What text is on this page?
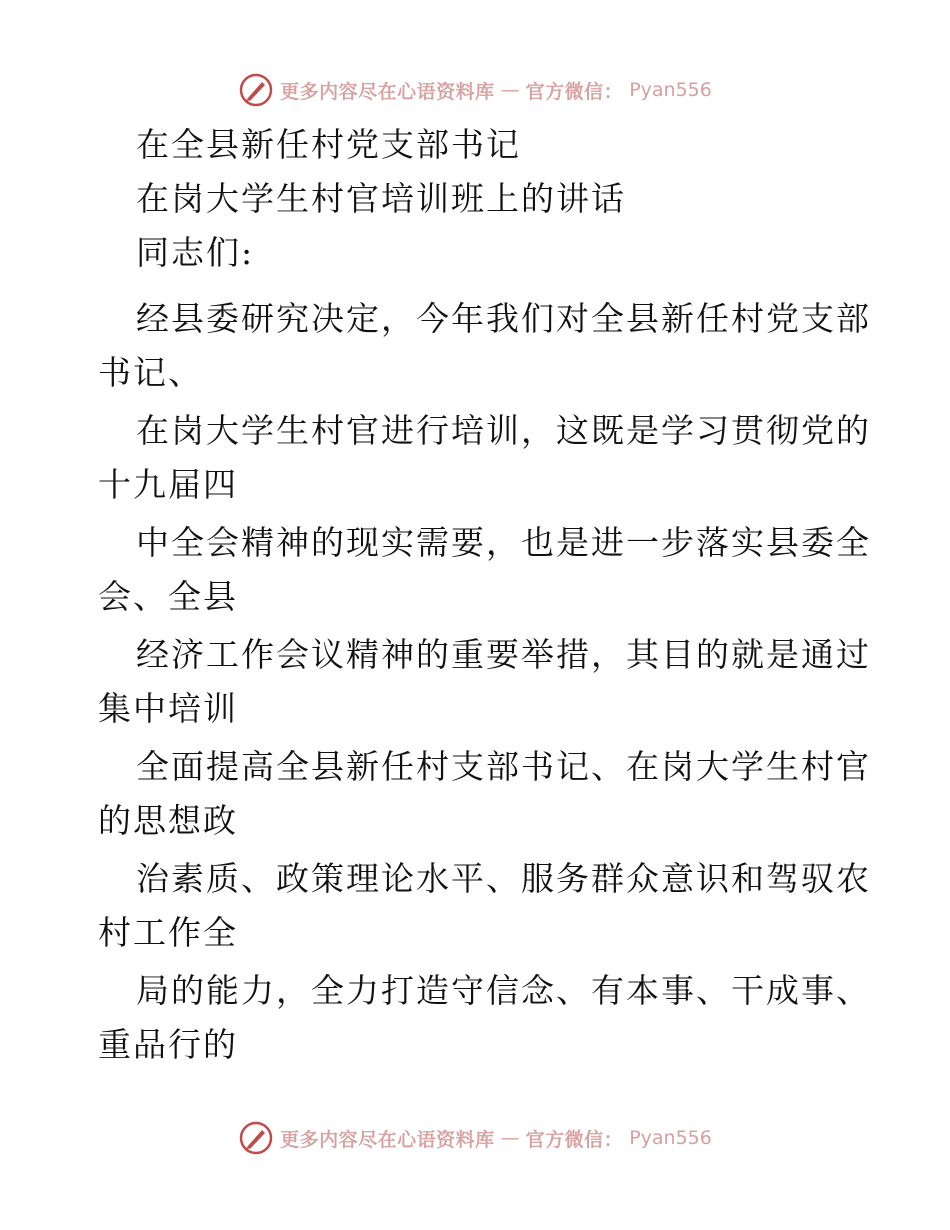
更多内容尽在心语资料库 — 官方微信： Pyan556
在全县新任村党支部书记
在岗大学生村官培训班上的讲话
同志们:
经县委研究决定，今年我们对全县新任村党支部
书记、
在岗大学生村官进行培训，这既是学习贯彻党的
十九届四
中全会精神的现实需要，也是进一步落实县委全
会、全县
经济工作会议精神的重要举措，其目的就是通过
集中培训
全面提高全县新任村支部书记、在岗大学生村官
的思想政
治素质、政策理论水平、服务群众意识和驾驭农
村工作全
局的能力，全力打造守信念、有本事、干成事、
重品行的
更多内容尽在心语资料库 — 官方微信： Pyan556
